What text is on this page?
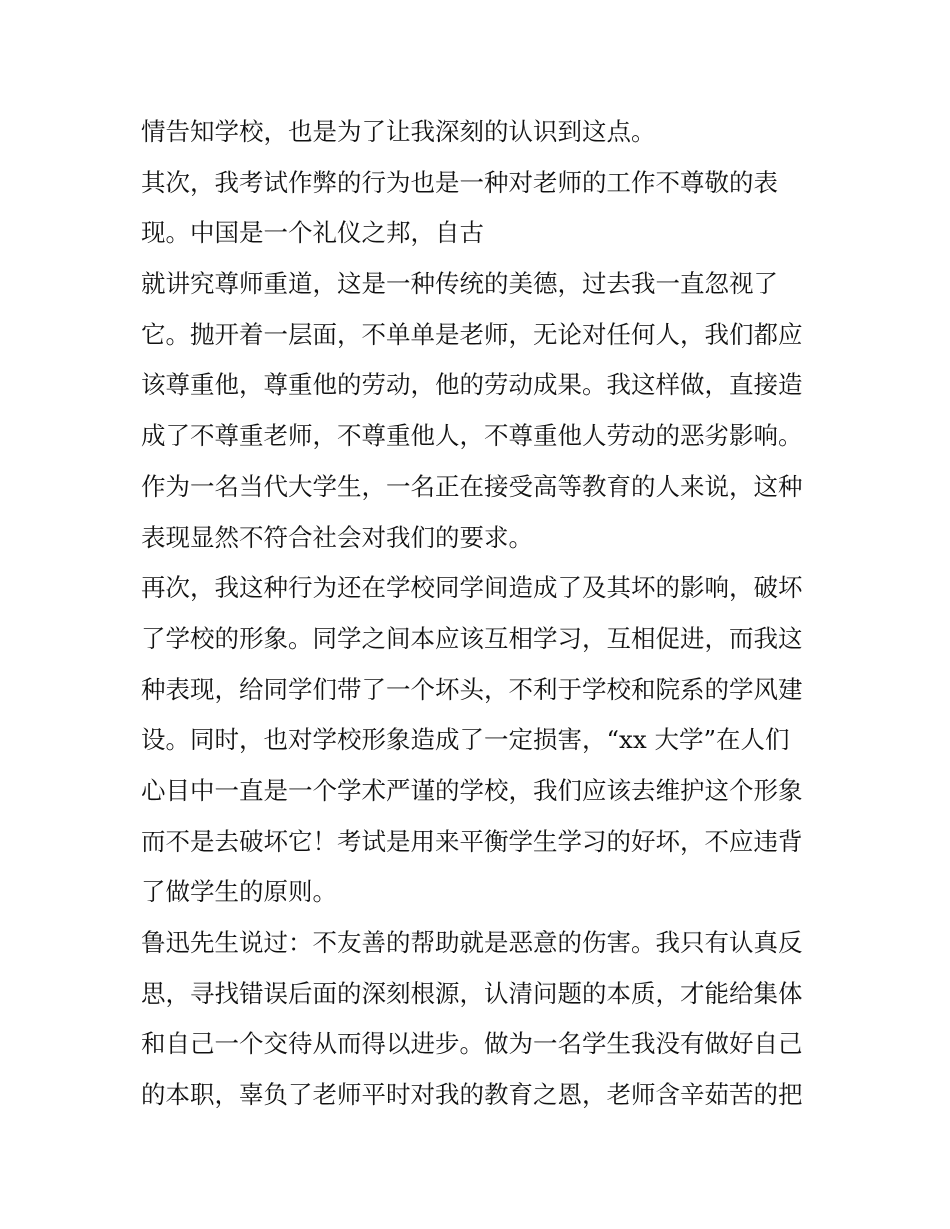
情告知学校，也是为了让我深刻的认识到这点。
其次，我考试作弊的行为也是一种对老师的工作不尊敬的表
现。中国是一个礼仪之邦，自古
就讲究尊师重道，这是一种传统的美德，过去我一直忽视了
它。抛开着一层面，不单单是老师，无论对任何人，我们都应
该尊重他，尊重他的劳动，他的劳动成果。我这样做，直接造
成了不尊重老师，不尊重他人，不尊重他人劳动的恶劣影响。
作为一名当代大学生，一名正在接受高等教育的人来说，这种
表现显然不符合社会对我们的要求。
再次，我这种行为还在学校同学间造成了及其坏的影响，破坏
了学校的形象。同学之间本应该互相学习，互相促进，而我这
种表现，给同学们带了一个坏头，不利于学校和院系的学风建
设。同时，也对学校形象造成了一定损害，“xx 大学”在人们
心目中一直是一个学术严谨的学校，我们应该去维护这个形象
而不是去破坏它！考试是用来平衡学生学习的好坏，不应违背
了做学生的原则。
鲁迅先生说过：不友善的帮助就是恶意的伤害。我只有认真反
思，寻找错误后面的深刻根源，认清问题的本质，才能给集体
和自己一个交待从而得以进步。做为一名学生我没有做好自己
的本职，辜负了老师平时对我的教育之恩，老师含辛茹苦的把
